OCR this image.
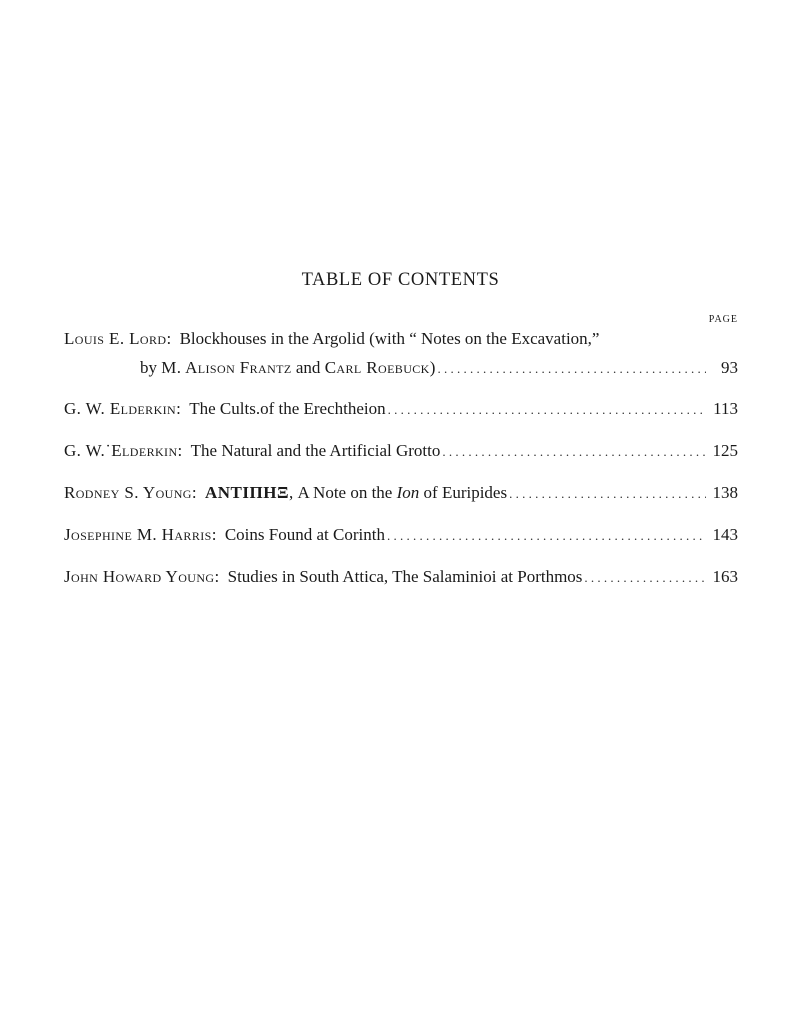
TABLE OF CONTENTS
PAGE
Louis E. Lord: Blockhouses in the Argolid (with “ Notes on the Excavation,”
by M. Alison Frantz and Carl Roebuck) . . .	93
G. W. Elderkin: The Cults.of the Erechtheion . . .	113
G. W.˙Elderkin: The Natural and the Artificial Grotto . . .	125
Rodney S. Young: ANTIΠHΞ, A Note on the Ion of Euripides . . .	138
Josephine M. Harris: Coins Found at Corinth . . .	143
John Howard Young: Studies in South Attica, The Salaminioi at Porthmos . . .	163
